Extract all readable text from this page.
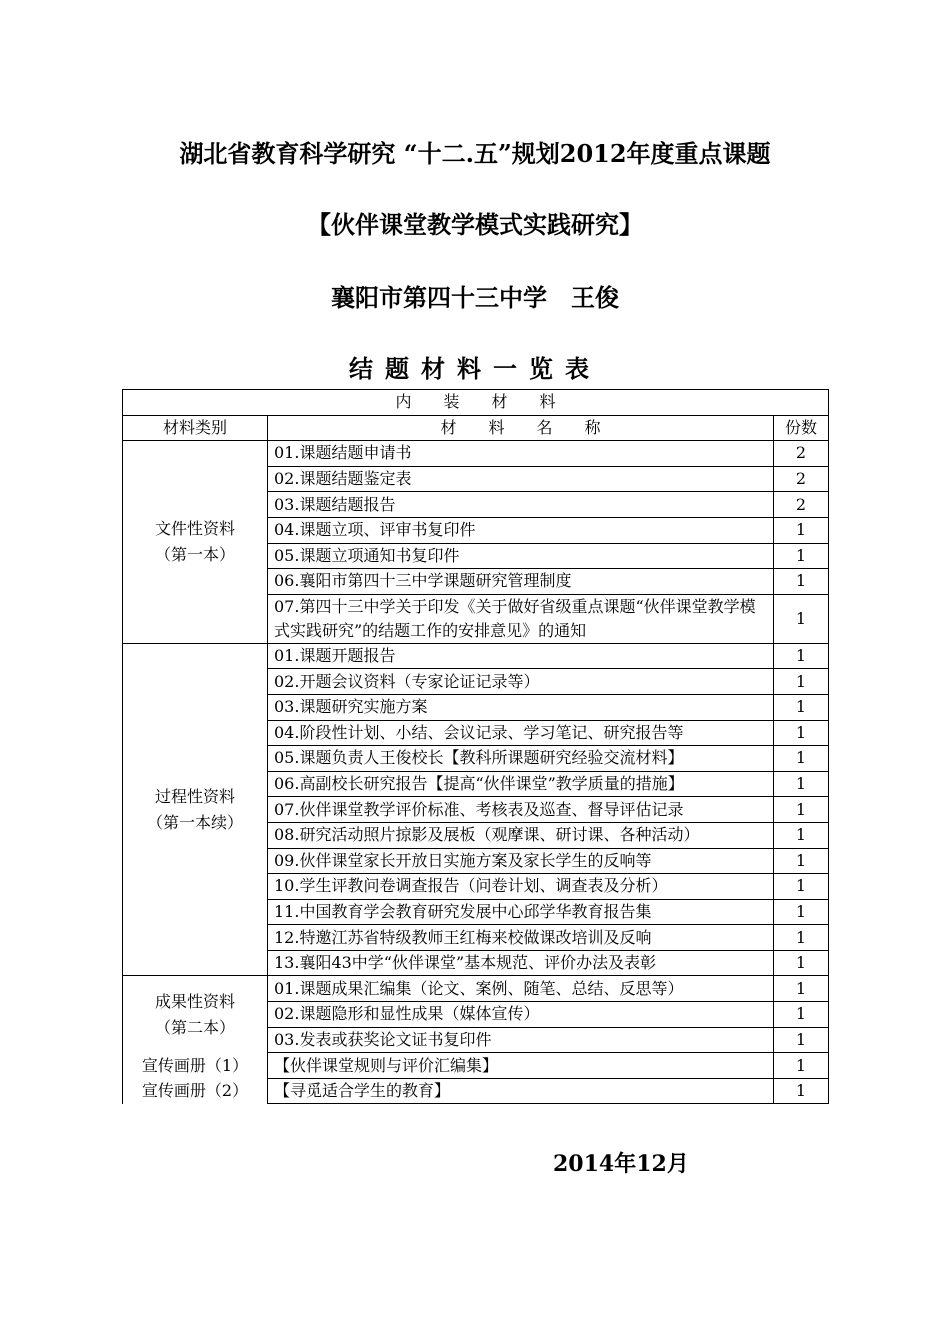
湖北省教育科学研究 “十二.五”规划2012年度重点课题
【伙伴课堂教学模式实践研究】
襄阳市第四十三中学　王俊
结题材料一览表
内　　装　　材　　料		
材料类别	材　　料　　名　　称	份数

文件性资料
（第一本）	01.课题结题申请书	2
	02.课题结题鉴定表	2
	03.课题结题报告	2
	04.课题立项、评审书复印件	1
	05.课题立项通知书复印件	1
	06.襄阳市第四十三中学课题研究管理制度	1
	07.第四十三中学关于印发《关于做好省级重点课题“伙伴课堂教学模式实践研究”的结题工作的安排意见》的通知	1

过程性资料
（第一本续）	01.课题开题报告	1
	02.开题会议资料（专家论证记录等）	1
	03.课题研究实施方案	1
	04.阶段性计划、小结、会议记录、学习笔记、研究报告等	1
	05.课题负责人王俊校长【教科所课题研究经验交流材料】	1
	06.高副校长研究报告【提高“伙伴课堂”教学质量的措施】	1
	07.伙伴课堂教学评价标准、考核表及巡查、督导评估记录	1
	08.研究活动照片掠影及展板（观摩课、研讨课、各种活动）	1
	09.伙伴课堂家长开放日实施方案及家长学生的反响等	1
	10.学生评教问卷调查报告（问卷计划、调查表及分析）	1
	11.中国教育学会教育研究发展中心邱学华教育报告集	1
	12.特邀江苏省特级教师王红梅来校做课改培训及反响	1
	13.襄阳43中学“伙伴课堂”基本规范、评价办法及表彰	1

成果性资料
（第二本）	01.课题成果汇编集（论文、案例、随笔、总结、反思等）	1
	02.课题隐形和显性成果（媒体宣传）	1
	03.发表或获奖论文证书复印件	1
宣传画册（1）	【伙伴课堂规则与评价汇编集】	1
宣传画册（2）	【寻觅适合学生的教育】	1
2014年12月
